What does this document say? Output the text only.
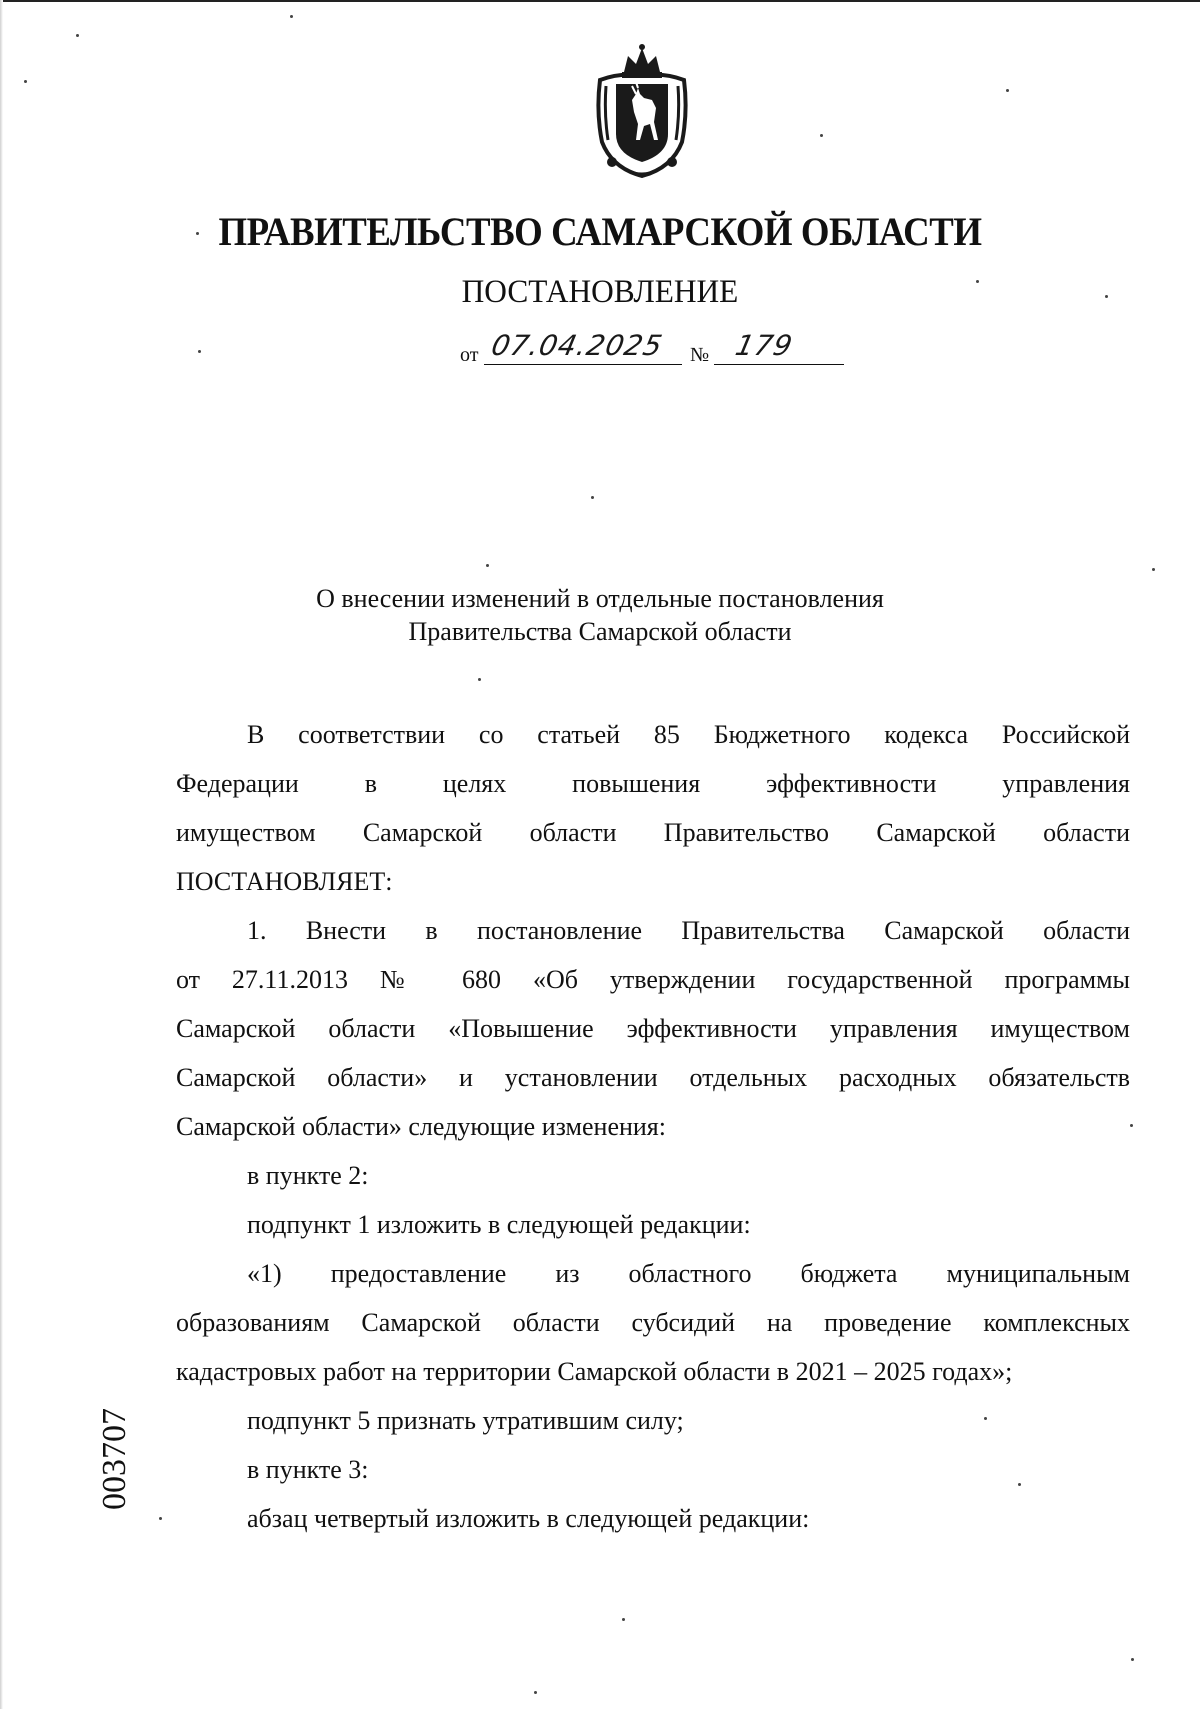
ПРАВИТЕЛЬСТВО САМАРСКОЙ ОБЛАСТИ
ПОСТАНОВЛЕНИЕ
от 07.04.2025 № 179
О внесении изменений в отдельные постановления
Правительства Самарской области
В соответствии со статьей 85 Бюджетного кодекса Российской
Федерации в целях повышения эффективности управления
имуществом Самарской области Правительство Самарской области
ПОСТАНОВЛЯЕТ:
1. Внести в постановление Правительства Самарской области
от 27.11.2013 № 680 «Об утверждении государственной программы
Самарской области «Повышение эффективности управления имуществом
Самарской области» и установлении отдельных расходных обязательств
Самарской области» следующие изменения:
в пункте 2:
подпункт 1 изложить в следующей редакции:
«1) предоставление из областного бюджета муниципальным
образованиям Самарской области субсидий на проведение комплексных
кадастровых работ на территории Самарской области в 2021 – 2025 годах»;
подпункт 5 признать утратившим силу;
в пункте 3:
абзац четвертый изложить в следующей редакции:
003707
